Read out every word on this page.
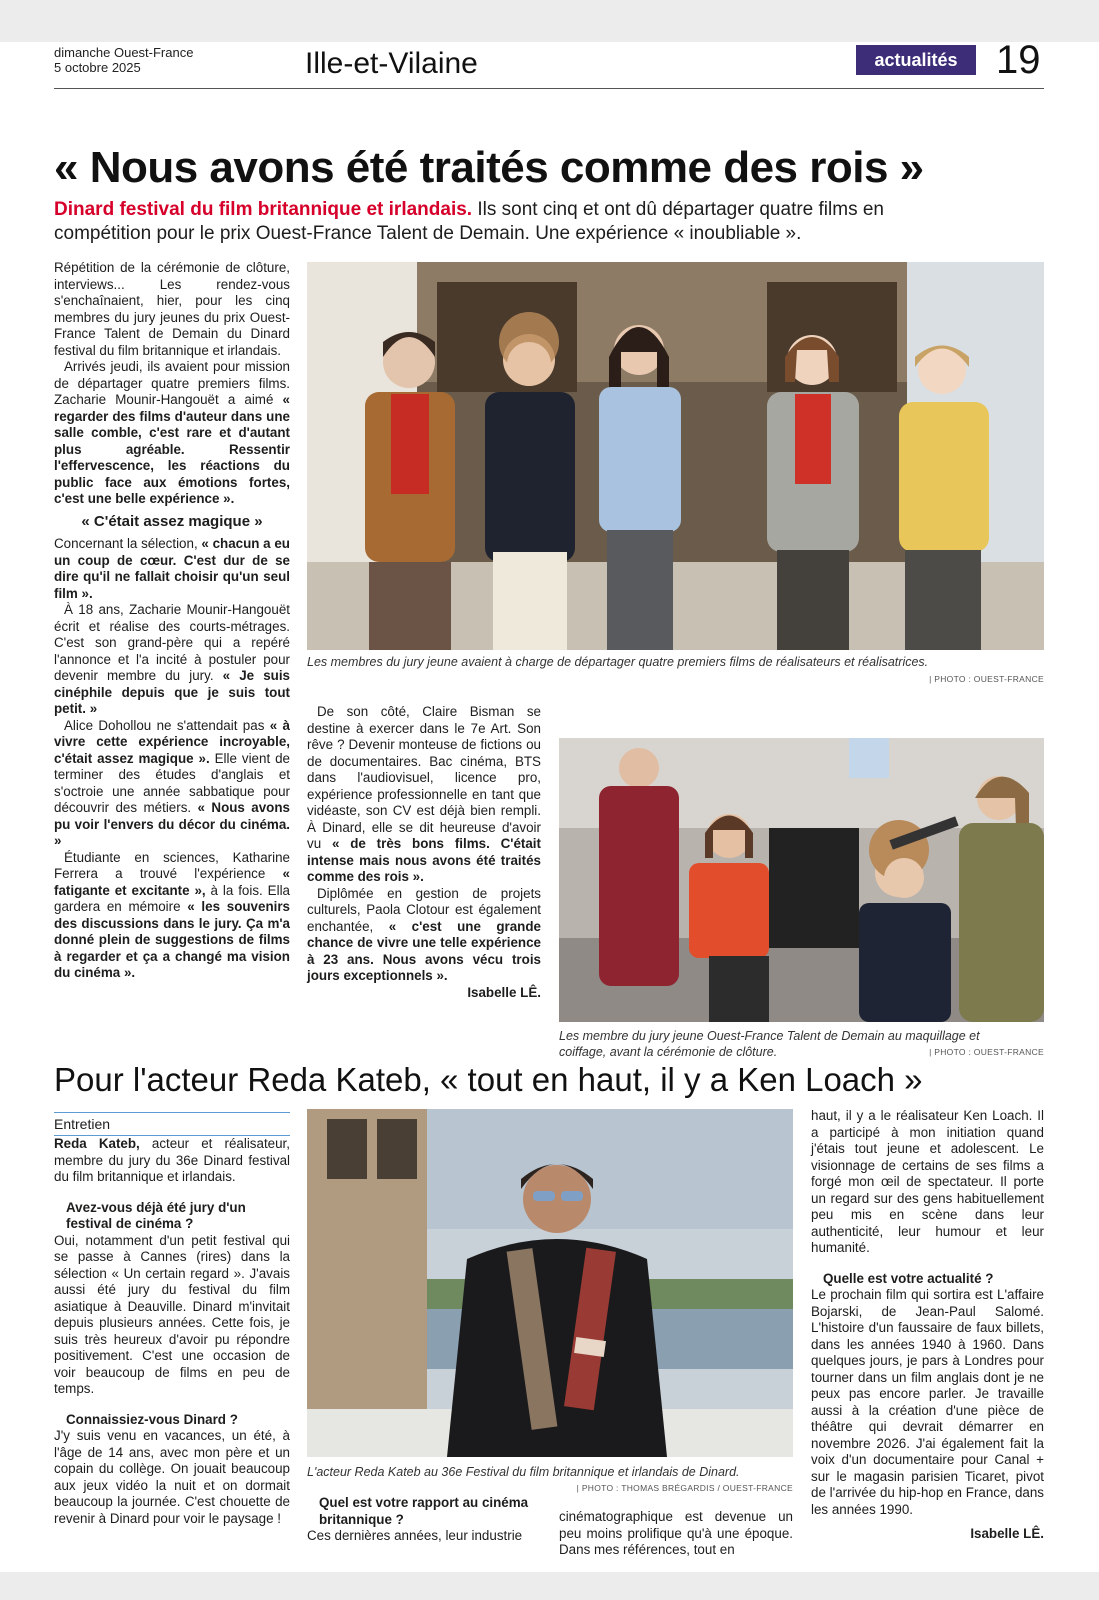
dimanche Ouest-France
5 octobre 2025	Ille-et-Vilaine	actualités 19
« Nous avons été traités comme des rois »
Dinard festival du film britannique et irlandais. Ils sont cinq et ont dû départager quatre films en compétition pour le prix Ouest-France Talent de Demain. Une expérience « inoubliable ».

Répétition de la cérémonie de clôture, interviews... Les rendez-vous s'enchaînaient, hier, pour les cinq membres du jury jeunes du prix Ouest-France Talent de Demain du Dinard festival du film britannique et irlandais.

Arrivés jeudi, ils avaient pour mission de départager quatre premiers films. Zacharie Mounir-Hangouët a aimé « regarder des films d'auteur dans une salle comble, c'est rare et d'autant plus agréable. Ressentir l'effervescence, les réactions du public face aux émotions fortes, c'est une belle expérience ».

« C'était assez magique »

Concernant la sélection, « chacun a eu un coup de cœur. C'est dur de se dire qu'il ne fallait choisir qu'un seul film ».

À 18 ans, Zacharie Mounir-Hangouët écrit et réalise des courts-métrages. C'est son grand-père qui a repéré l'annonce et l'a incité à postuler pour devenir membre du jury. « Je suis cinéphile depuis que je suis tout petit. »

Alice Dohollou ne s'attendait pas « à vivre cette expérience incroyable, c'était assez magique ». Elle vient de terminer des études d'anglais et s'octroie une année sabbatique pour découvrir des métiers. « Nous avons pu voir l'envers du décor du cinéma. »

Étudiante en sciences, Katharine Ferrera a trouvé l'expérience « fatigante et excitante », à la fois. Ella gardera en mémoire « les souvenirs des discussions dans le jury. Ça m'a donné plein de suggestions de films à regarder et ça a changé ma vision du cinéma ».

Les membres du jury jeune avaient à charge de départager quatre premiers films de réalisateurs et réalisatrices.
| PHOTO : OUEST-FRANCE

De son côté, Claire Bisman se destine à exercer dans le 7e Art. Son rêve ? Devenir monteuse de fictions ou de documentaires. Bac cinéma, BTS dans l'audiovisuel, licence pro, expérience professionnelle en tant que vidéaste, son CV est déjà bien rempli. À Dinard, elle se dit heureuse d'avoir vu « de très bons films. C'était intense mais nous avons été traités comme des rois ».

Diplômée en gestion de projets culturels, Paola Clotour est également enchantée, « c'est une grande chance de vivre une telle expérience à 23 ans. Nous avons vécu trois jours exceptionnels ».

Isabelle LÊ.

Les membre du jury jeune Ouest-France Talent de Demain au maquillage et coiffage, avant la cérémonie de clôture.	| PHOTO : OUEST-FRANCE
Pour l'acteur Reda Kateb, « tout en haut, il y a Ken Loach »
Entretien

Reda Kateb, acteur et réalisateur, membre du jury du 36e Dinard festival du film britannique et irlandais.

Avez-vous déjà été jury d'un festival de cinéma ?

Oui, notamment d'un petit festival qui se passe à Cannes (rires) dans la sélection « Un certain regard ». J'avais aussi été jury du festival du film asiatique à Deauville. Dinard m'invitait depuis plusieurs années. Cette fois, je suis très heureux d'avoir pu répondre positivement. C'est une occasion de voir beaucoup de films en peu de temps.

Connaissiez-vous Dinard ?

J'y suis venu en vacances, un été, à l'âge de 14 ans, avec mon père et un copain du collège. On jouait beaucoup aux jeux vidéo la nuit et on dormait beaucoup la journée. C'est chouette de revenir à Dinard pour voir le paysage !

L'acteur Reda Kateb au 36e Festival du film britannique et irlandais de Dinard.
| PHOTO : THOMAS BRÉGARDIS / OUEST-FRANCE

Quel est votre rapport au cinéma britannique ?

Ces dernières années, leur industrie

cinématographique est devenue un peu moins prolifique qu'à une époque. Dans mes références, tout en

haut, il y a le réalisateur Ken Loach. Il a participé à mon initiation quand j'étais tout jeune et adolescent. Le visionnage de certains de ses films a forgé mon œil de spectateur. Il porte un regard sur des gens habituellement peu mis en scène dans leur authenticité, leur humour et leur humanité.

Quelle est votre actualité ?

Le prochain film qui sortira est L'affaire Bojarski, de Jean-Paul Salomé. L'histoire d'un faussaire de faux billets, dans les années 1940 à 1960. Dans quelques jours, je pars à Londres pour tourner dans un film anglais dont je ne peux pas encore parler. Je travaille aussi à la création d'une pièce de théâtre qui devrait démarrer en novembre 2026. J'ai également fait la voix d'un documentaire pour Canal + sur le magasin parisien Ticaret, pivot de l'arrivée du hip-hop en France, dans les années 1990.

Isabelle LÊ.
